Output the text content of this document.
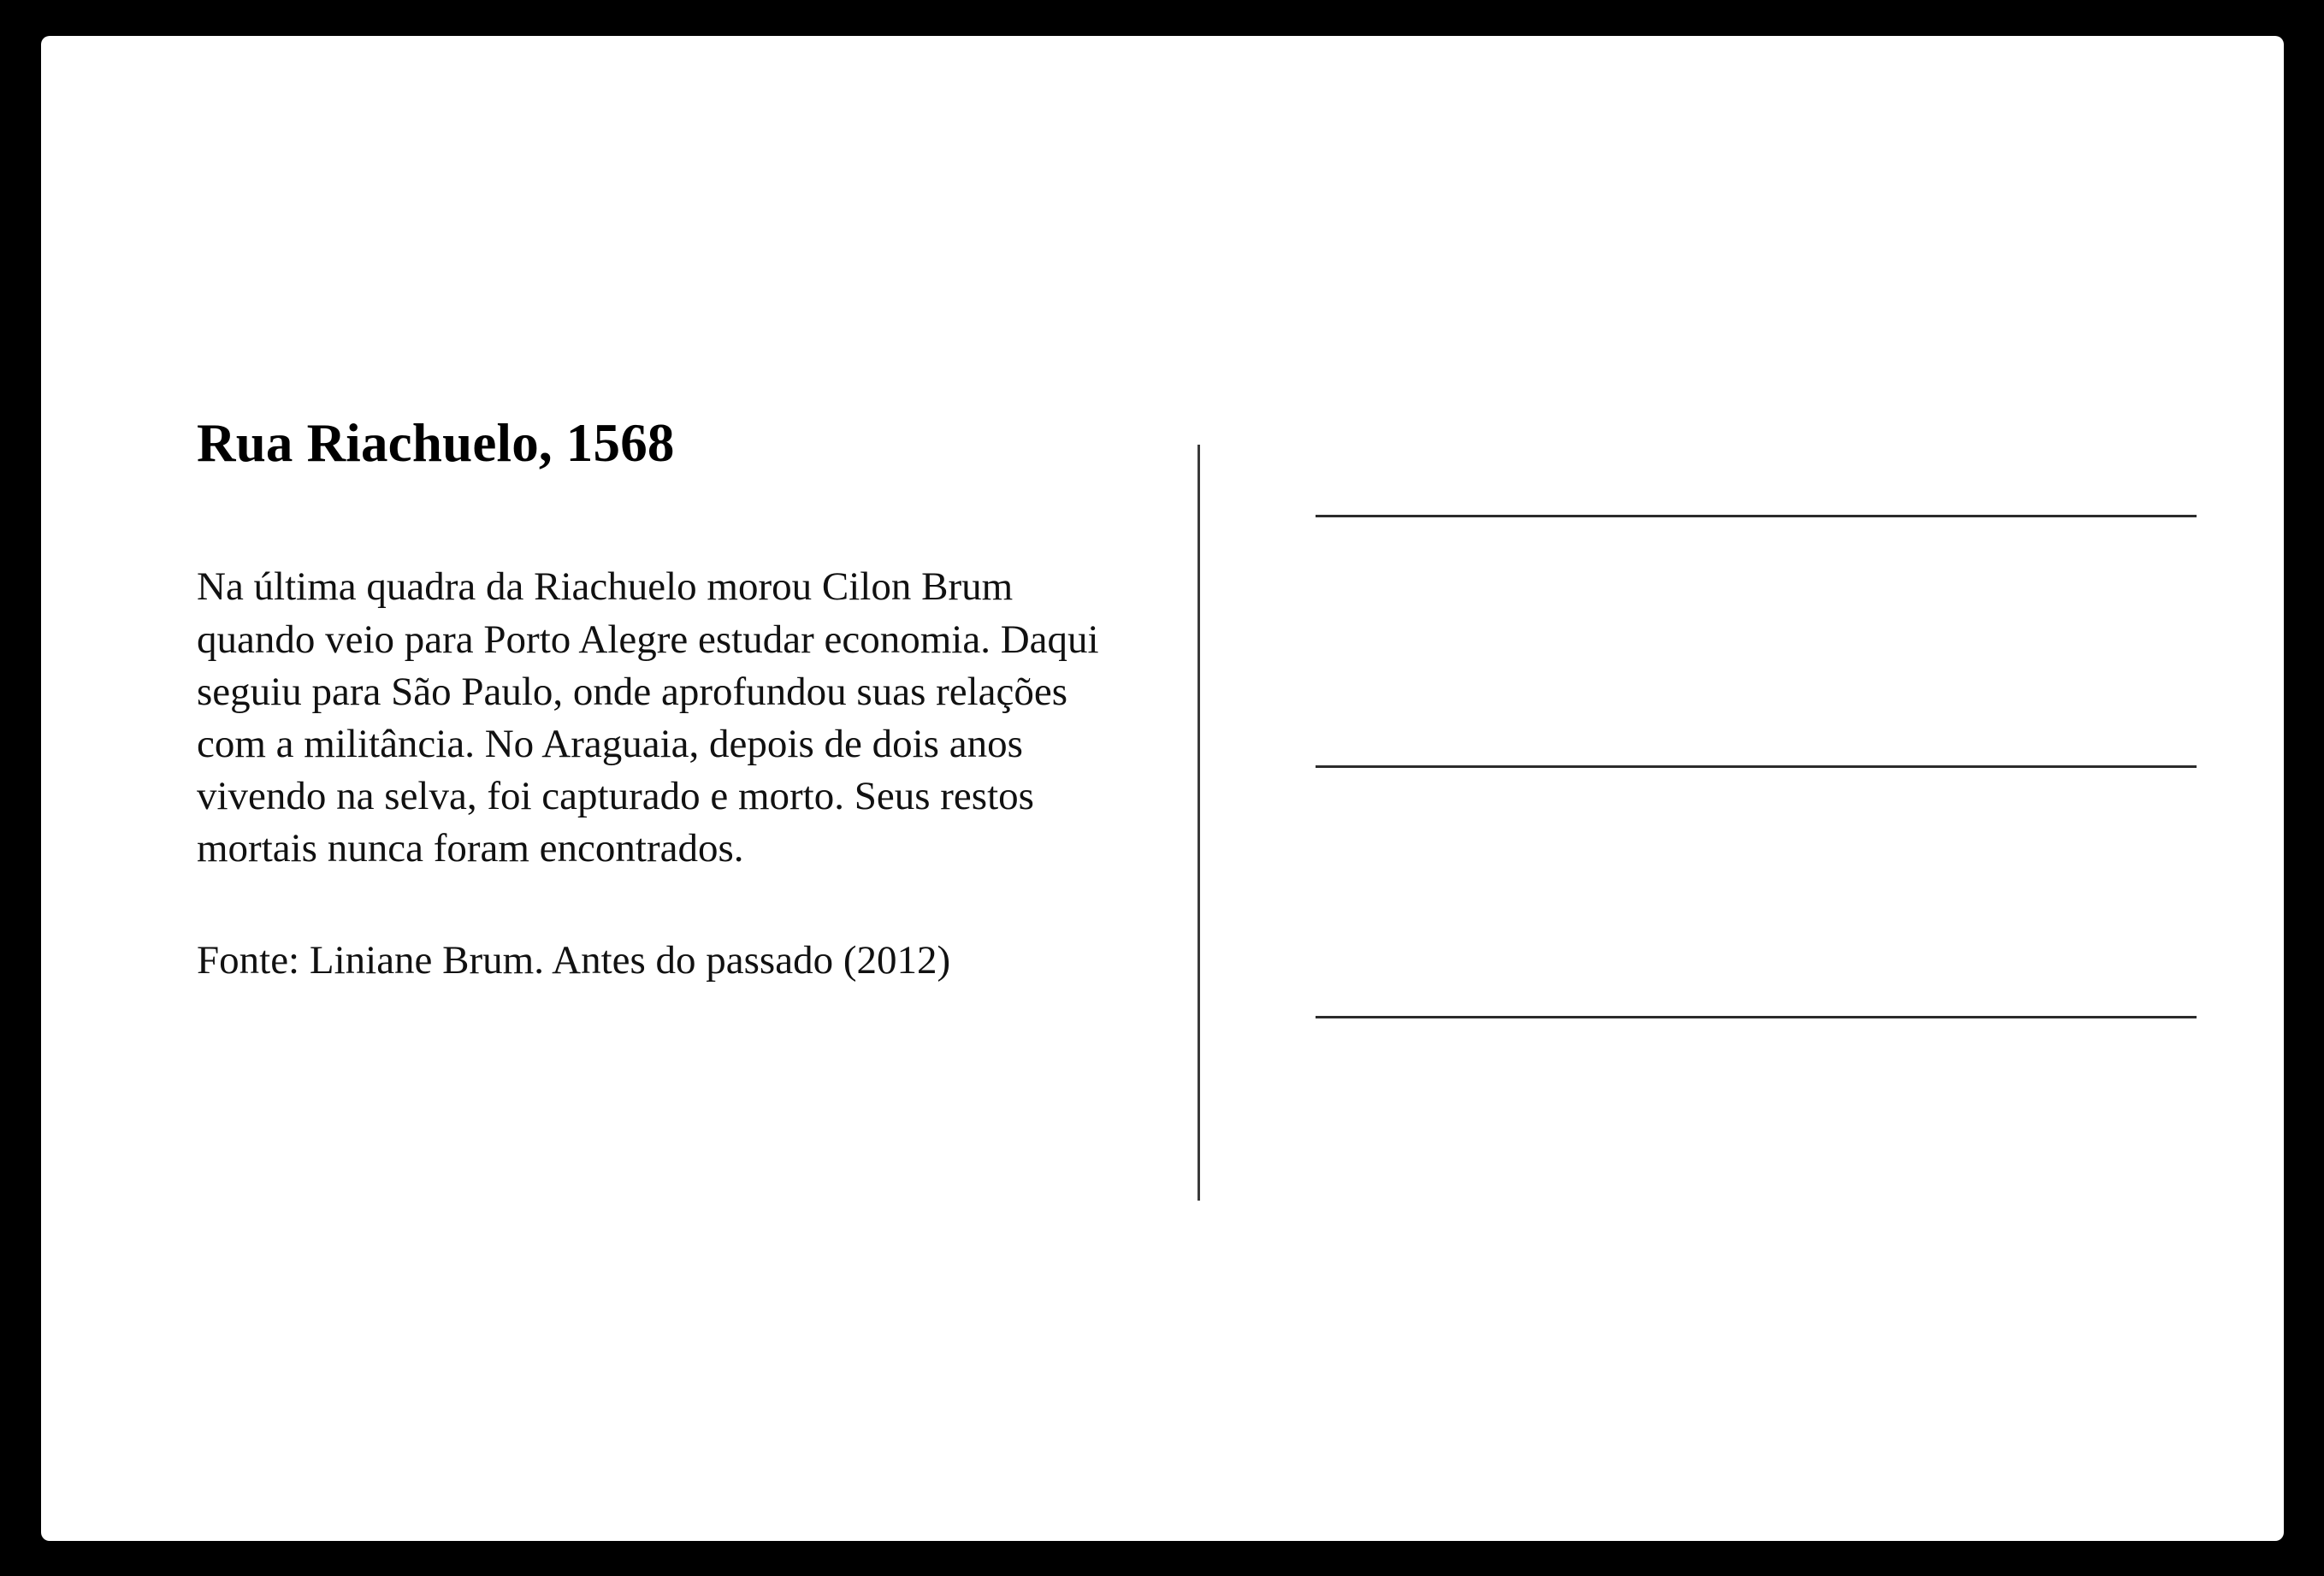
Rua Riachuelo, 1568

Na última quadra da Riachuelo morou Cilon Brum quando veio para Porto Alegre estudar economia. Daqui seguiu para São Paulo, onde aprofundou suas relações com a militância. No Araguaia, depois de dois anos vivendo na selva, foi capturado e morto. Seus restos mortais nunca foram encontrados.

Fonte: Liniane Brum. Antes do passado (2012)
